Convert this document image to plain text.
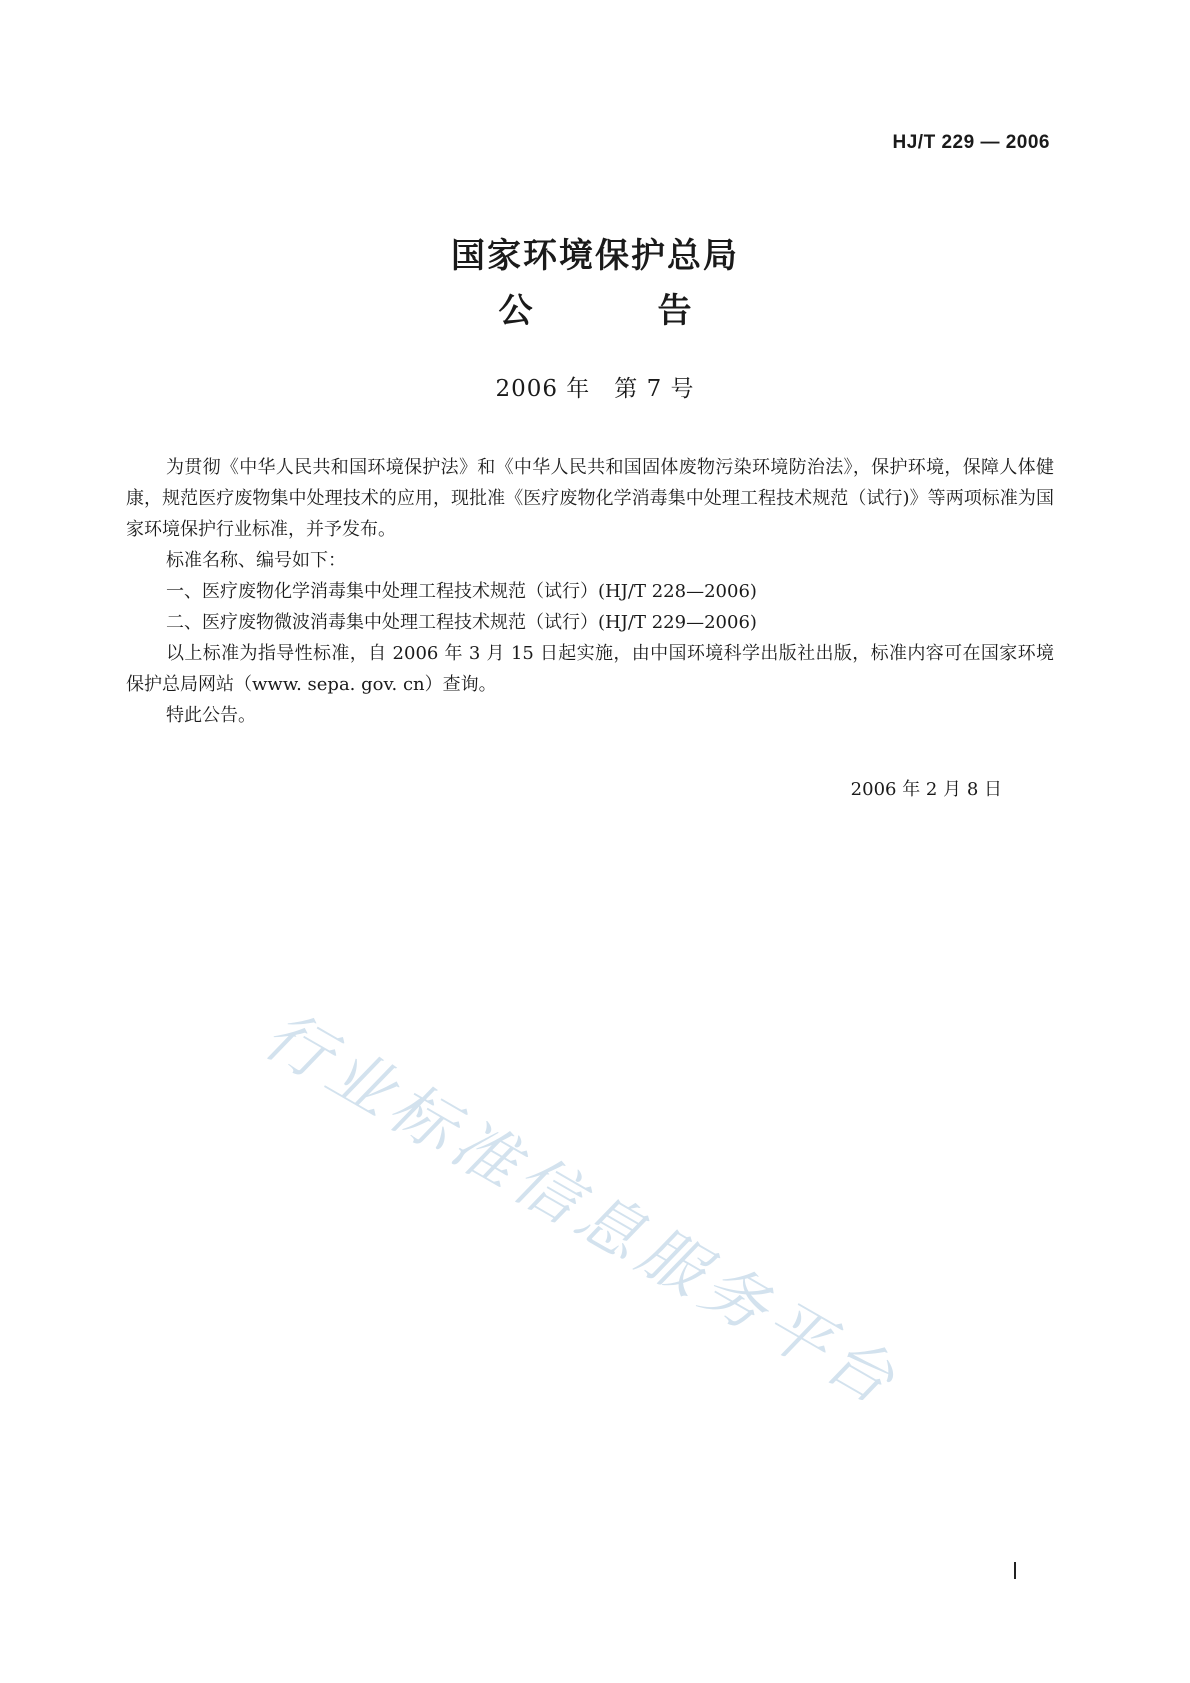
HJ/T 229 — 2006
国家环境保护总局
公告
2006 年　第 7 号

为贯彻《中华人民共和国环境保护法》和《中华人民共和国固体废物污染环境防治法》，保护环境，保障人体健康，规范医疗废物集中处理技术的应用，现批准《医疗废物化学消毒集中处理工程技术规范（试行)》等两项标准为国家环境保护行业标准，并予发布。

标准名称、编号如下：

一、医疗废物化学消毒集中处理工程技术规范（试行）(HJ/T 228—2006)

二、医疗废物微波消毒集中处理工程技术规范（试行）(HJ/T 229—2006)

以上标准为指导性标准，自 2006 年 3 月 15 日起实施，由中国环境科学出版社出版，标准内容可在国家环境保护总局网站（www. sepa. gov. cn）查询。

特此公告。

2006 年 2 月 8 日
行业标准信息服务平台
